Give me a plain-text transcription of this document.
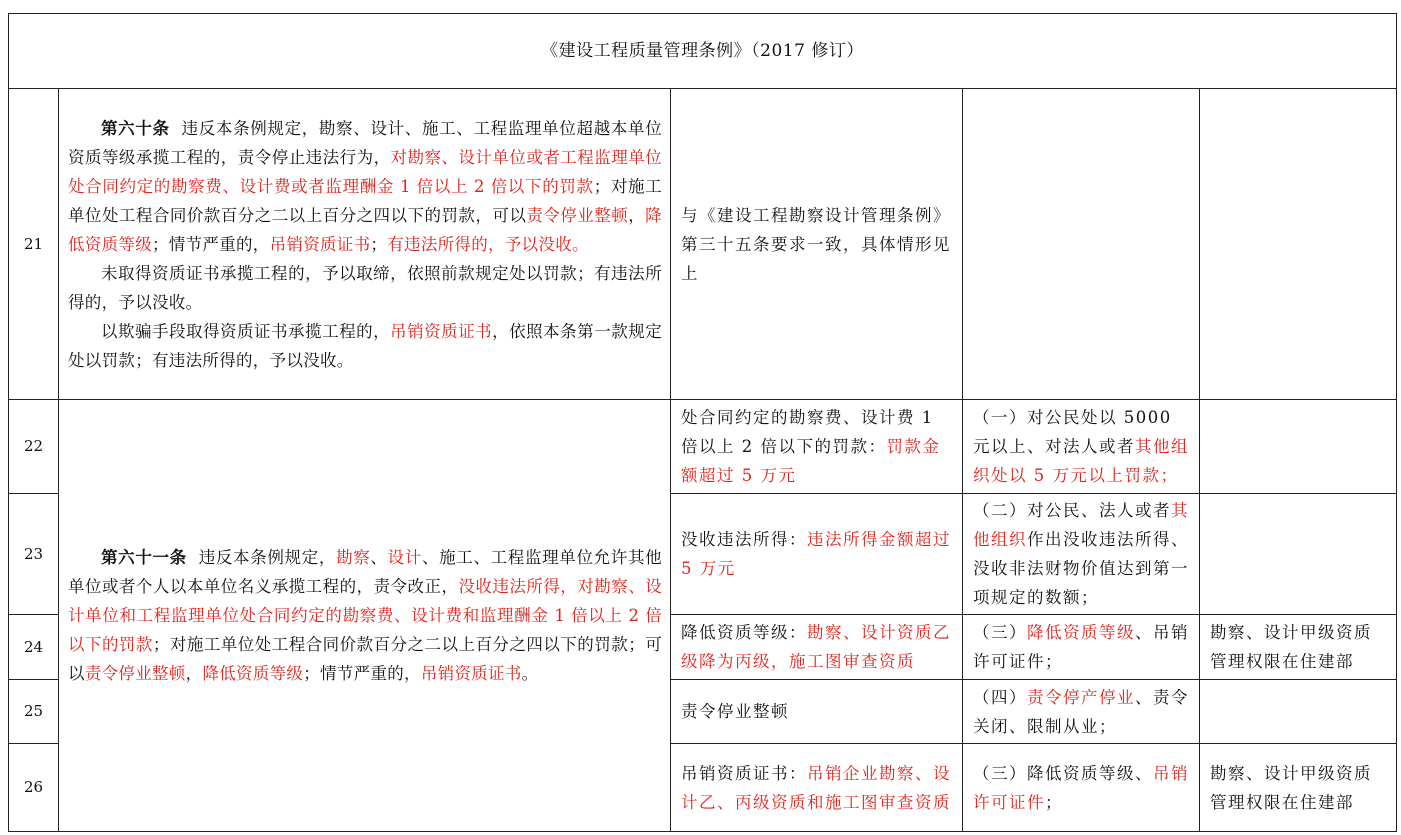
《建设工程质量管理条例》（2017 修订）				
21	第六十条 违反本条例规定，勘察、设计、施工、工程监理单位超越本单位资质等级承揽工程的，责令停止违法行为，对勘察、设计单位或者工程监理单位处合同约定的勘察费、设计费或者监理酬金 1 倍以上 2 倍以下的罚款；对施工单位处工程合同价款百分之二以上百分之四以下的罚款，可以责令停业整顿，降低资质等级；情节严重的，吊销资质证书；有违法所得的，予以没收。
未取得资质证书承揽工程的，予以取缔，依照前款规定处以罚款；有违法所得的，予以没收。
以欺骗手段取得资质证书承揽工程的，吊销资质证书，依照本条第一款规定处以罚款；有违法所得的，予以没收。	与《建设工程勘察设计管理条例》第三十五条要求一致，具体情形见上		
22	第六十一条 违反本条例规定，勘察、设计、施工、工程监理单位允许其他单位或者个人以本单位名义承揽工程的，责令改正，没收违法所得，对勘察、设计单位和工程监理单位处合同约定的勘察费、设计费和监理酬金 1 倍以上 2 倍以下的罚款；对施工单位处工程合同价款百分之二以上百分之四以下的罚款；可以责令停业整顿，降低资质等级；情节严重的，吊销资质证书。	处合同约定的勘察费、设计费 1 倍以上 2 倍以下的罚款：罚款金额超过 5 万元	（一）对公民处以 5000 元以上、对法人或者其他组织处以 5 万元以上罚款；	
23		没收违法所得：违法所得金额超过 5 万元	（二）对公民、法人或者其他组织作出没收违法所得、没收非法财物价值达到第一项规定的数额；	
24		降低资质等级：勘察、设计资质乙级降为丙级，施工图审查资质	（三）降低资质等级、吊销许可证件；	勘察、设计甲级资质管理权限在住建部
25		责令停业整顿	（四）责令停产停业、责令关闭、限制从业；	
26		吊销资质证书：吊销企业勘察、设计乙、丙级资质和施工图审查资质	（三）降低资质等级、吊销许可证件；	勘察、设计甲级资质管理权限在住建部
